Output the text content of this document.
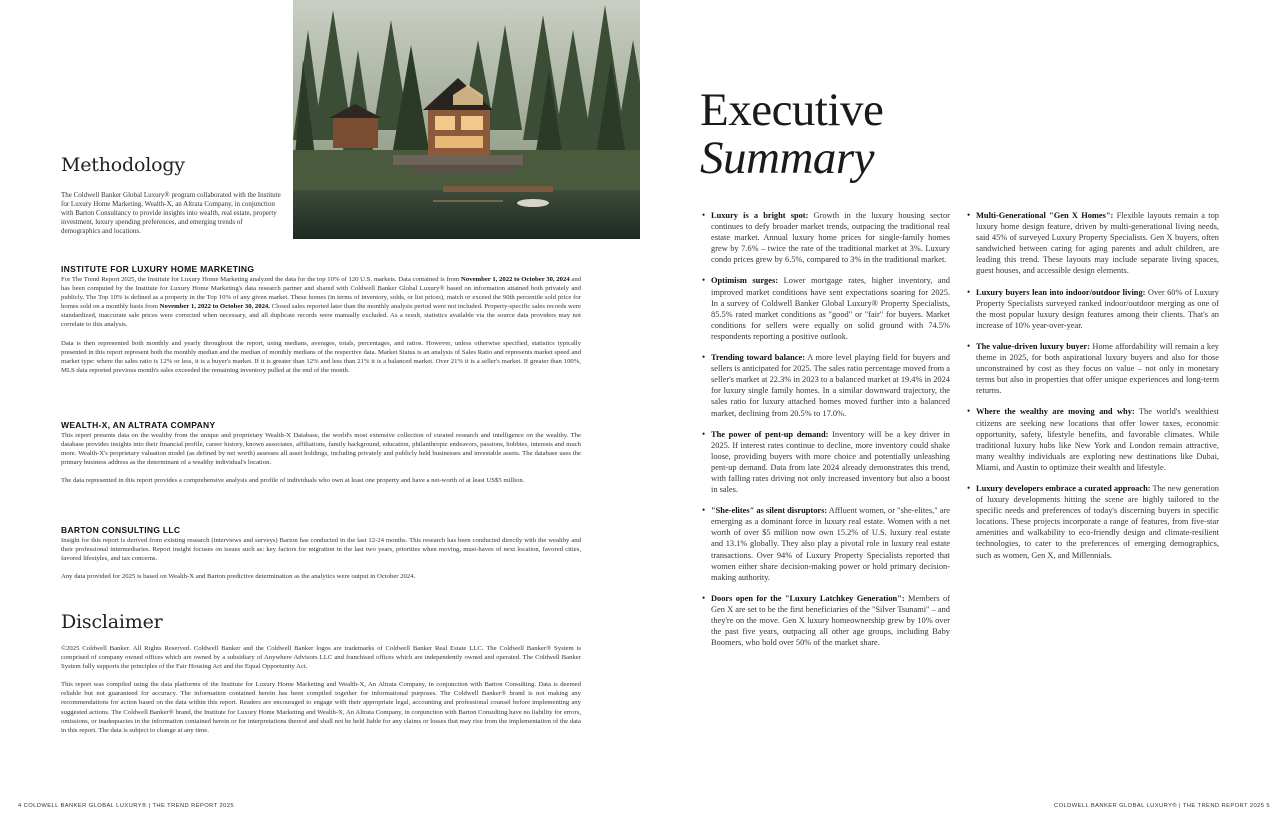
Methodology
The Coldwell Banker Global Luxury® program collaborated with the Institute for Luxury Home Marketing, Wealth-X, an Altrata Company, in conjunction with Barton Consultancy to provide insights into wealth, real estate, property investment, luxury spending preferences, and emerging trends of demographics and locations.
INSTITUTE FOR LUXURY HOME MARKETING

For The Trend Report 2025, the Institute for Luxury Home Marketing analyzed the data for the top 10% of 120 U.S. markets. Data contained is from November 1, 2022 to October 30, 2024 and has been computed by the Institute for Luxury Home Marketing's data research partner and shared with Coldwell Banker Global Luxury® based on information attained both privately and publicly. The Top 10% is defined as a property in the Top 10% of any given market. These homes (in terms of inventory, solds, or list prices), match or exceed the 90th percentile sold price for homes sold on a monthly basis from November 1, 2022 to October 30, 2024. Closed sales reported later than the monthly analysis period were not included. Property-specific sales records were standardized, inaccurate sale prices were corrected when necessary, and all duplicate records were manually excluded. As a result, statistics available via the source data providers may not correlate to this analysis.

Data is then represented both monthly and yearly throughout the report, using medians, averages, totals, percentages, and ratios. However, unless otherwise specified, statistics typically presented in this report represent both the monthly median and the median of monthly medians of the respective data. Market Status is an analysis of Sales Ratio and represents market speed and market type: where the sales ratio is 12% or less, it is a buyer's market. If it is greater than 12% and less than 21% it is a balanced market. Over 21% it is a seller's market. If greater than 100%, MLS data reported previous month's sales exceeded the remaining inventory pulled at the end of the month.

WEALTH-X, AN ALTRATA COMPANY

This report presents data on the wealthy from the unique and proprietary Wealth-X Database, the world's most extensive collection of curated research and intelligence on the wealthy. The database provides insights into their financial profile, career history, known associates, affiliations, family background, education, philanthropic endeavors, passions, hobbies, interests and much more. Wealth-X's proprietary valuation model (as defined by net worth) assesses all asset holdings, including privately and publicly held businesses and investable assets. The database uses the primary business address as the determinant of a wealthy individual's location.

The data represented in this report provides a comprehensive analysis and profile of individuals who own at least one property and have a net-worth of at least US$5 million.

BARTON CONSULTING LLC

Insight for this report is derived from existing research (interviews and surveys) Barton has conducted in the last 12-24 months. This research has been conducted directly with the wealthy and their professional intermediaries. Report insight focuses on issues such as: key factors for migration in the last two years, priorities when moving, must-haves of next location, favored cities, favored lifestyles, and tax concerns.

Any data provided for 2025 is based on Wealth-X and Barton predictive determination as the analytics were output in October 2024.

Disclaimer

©2025 Coldwell Banker. All Rights Reserved. Coldwell Banker and the Coldwell Banker logos are trademarks of Coldwell Banker Real Estate LLC. The Coldwell Banker® System is comprised of company owned offices which are owned by a subsidiary of Anywhere Advisors LLC and franchised offices which are independently owned and operated. The Coldwell Banker System fully supports the principles of the Fair Housing Act and the Equal Opportunity Act.

This report was compiled using the data platforms of the Institute for Luxury Home Marketing and Wealth-X, An Altrata Company, in conjunction with Barton Consulting. Data is deemed reliable but not guaranteed for accuracy. The information contained herein has been compiled together for informational purposes. The Coldwell Banker® brand is not making any recommendations for action based on the data within this report. Readers are encouraged to engage with their appropriate legal, accounting and professional counsel before implementing any suggested actions. The Coldwell Banker® brand, the Institute for Luxury Home Marketing and Wealth-X, An Altrata Company, in conjunction with Barton Consulting have no liability for errors, omissions, or inadequacies in the information contained herein or for interpretations thereof and shall not be held liable for any claims or losses that may rise from the implementation of the data in this report. The data is subject to change at any time.

4 COLDWELL BANKER GLOBAL LUXURY® | THE TREND REPORT 2025
Executive
Summary
• Luxury is a bright spot: Growth in the luxury housing sector continues to defy broader market trends, outpacing the traditional real estate market. Annual luxury home prices for single-family homes grew by 7.6% – twice the rate of the traditional market at 3%. Luxury condo prices grew by 6.5%, compared to 3% in the traditional market.
• Optimism surges: Lower mortgage rates, higher inventory, and improved market conditions have sent expectations soaring for 2025. In a survey of Coldwell Banker Global Luxury® Property Specialists, 85.5% rated market conditions as "good" or "fair" for buyers. Market conditions for sellers were equally on solid ground with 74.5% respondents reporting a positive outlook.
• Trending toward balance: A more level playing field for buyers and sellers is anticipated for 2025. The sales ratio percentage moved from a seller's market at 22.3% in 2023 to a balanced market at 19.4% in 2024 for luxury single family homes. In a similar downward trajectory, the sales ratio for luxury attached homes moved further into a balanced market, declining from 20.5% to 17.0%.
• The power of pent-up demand: Inventory will be a key driver in 2025. If interest rates continue to decline, more inventory could shake loose, providing buyers with more choice and potentially unleashing pent-up demand. Data from late 2024 already demonstrates this trend, with falling rates driving not only increased inventory but also a boost in sales.
• "She-elites" as silent disruptors: Affluent women, or "she-elites," are emerging as a dominant force in luxury real estate. Women with a net worth of over $5 million now own 15.2% of U.S. luxury real estate and 13.1% globally. They also play a pivotal role in luxury real estate transactions. Over 94% of Luxury Property Specialists reported that women either share decision-making power or hold primary decision-making authority.
• Doors open for the "Luxury Latchkey Generation": Members of Gen X are set to be the first beneficiaries of the "Silver Tsunami" – and they're on the move. Gen X luxury homeownership grew by 10% over the past five years, outpacing all other age groups, including Baby Boomers, who hold over 50% of the market share.
• Multi-Generational "Gen X Homes": Flexible layouts remain a top luxury home design feature, driven by multi-generational living needs, said 45% of surveyed Luxury Property Specialists. Gen X buyers, often sandwiched between caring for aging parents and adult children, are leading this trend. These layouts may include separate living spaces, guest houses, and accessible design elements.
• Luxury buyers lean into indoor/outdoor living: Over 60% of Luxury Property Specialists surveyed ranked indoor/outdoor merging as one of the most popular luxury design features among their clients. That's an increase of 10% year-over-year.
• The value-driven luxury buyer: Home affordability will remain a key theme in 2025, for both aspirational luxury buyers and also for those unconstrained by cost as they focus on value – not only in monetary terms but also in properties that offer unique experiences and long-term returns.
• Where the wealthy are moving and why: The world's wealthiest citizens are seeking new locations that offer lower taxes, economic opportunity, safety, lifestyle benefits, and favorable climates. While traditional luxury hubs like New York and London remain attractive, many wealthy individuals are exploring new destinations like Dubai, Miami, and Austin to optimize their wealth and lifestyle.
• Luxury developers embrace a curated approach: The new generation of luxury developments hitting the scene are highly tailored to the specific needs and preferences of today's discerning buyers in specific locations. These projects incorporate a range of features, from five-star amenities and walkability to eco-friendly design and climate-resilient technologies, to cater to the preferences of emerging demographics, such as women, Gen X, and Millennials.
COLDWELL BANKER GLOBAL LUXURY® | THE TREND REPORT 2025 5
